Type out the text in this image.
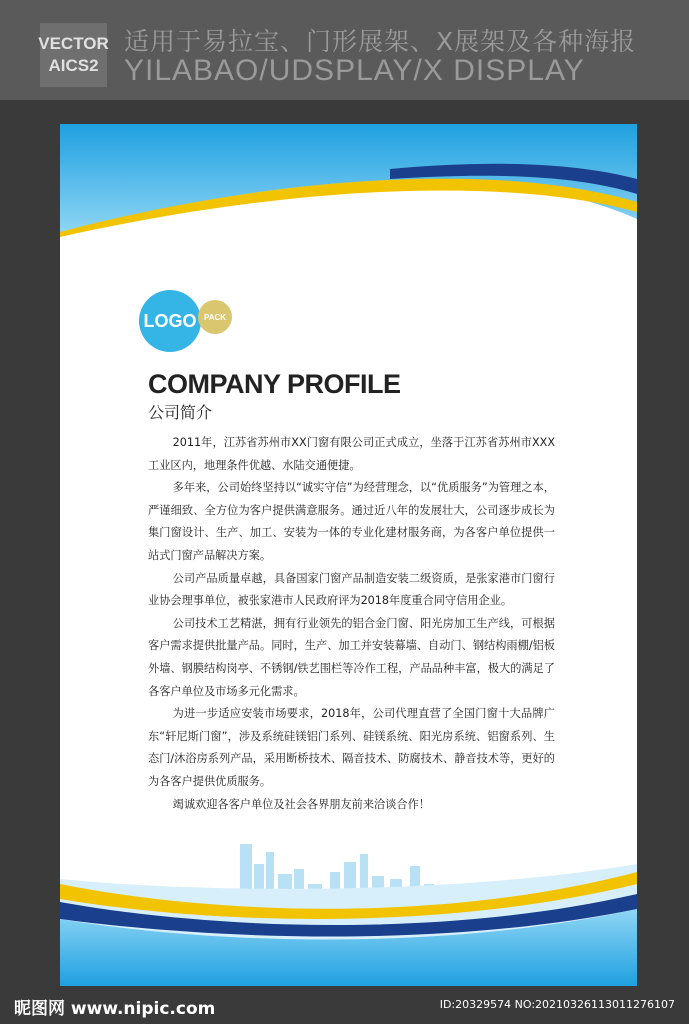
VECTOR
AICS2
适用于易拉宝、门形展架、X展架及各种海报
YILABAO/UDSPLAY/X DISPLAY
LOGO PACK
COMPANY PROFILE
公司简介

2011年，江苏省苏州市XX门窗有限公司正式成立，坐落于江苏省苏州市XXX工业区内，地理条件优越、水陆交通便捷。

多年来，公司始终坚持以“诚实守信”为经营理念，以“优质服务”为管理之本，严谨细致、全方位为客户提供满意服务。通过近八年的发展壮大，公司逐步成长为集门窗设计、生产、加工、安装为一体的专业化建材服务商，为各客户单位提供一站式门窗产品解决方案。

公司产品质量卓越，具备国家门窗产品制造安装二级资质，是张家港市门窗行业协会理事单位，被张家港市人民政府评为2018年度重合同守信用企业。

公司技术工艺精湛，拥有行业领先的铝合金门窗、阳光房加工生产线，可根据客户需求提供批量产品。同时，生产、加工并安装幕墙、自动门、钢结构雨棚/铝板外墙、钢膜结构岗亭、不锈钢/铁艺围栏等冷作工程，产品品种丰富，极大的满足了各客户单位及市场多元化需求。

为进一步适应安装市场要求，2018年，公司代理直营了全国门窗十大品牌广东“轩尼斯门窗”，涉及系统硅镁铝门系列、硅镁系统、阳光房系统、铝窗系列、生态门/沐浴房系列产品，采用断桥技术、隔音技术、防腐技术、静音技术等，更好的为各客户提供优质服务。

竭诚欢迎各客户单位及社会各界朋友前来洽谈合作！

昵图网 www.nipic.com	ID:20329574 NO:20210326113011276107
